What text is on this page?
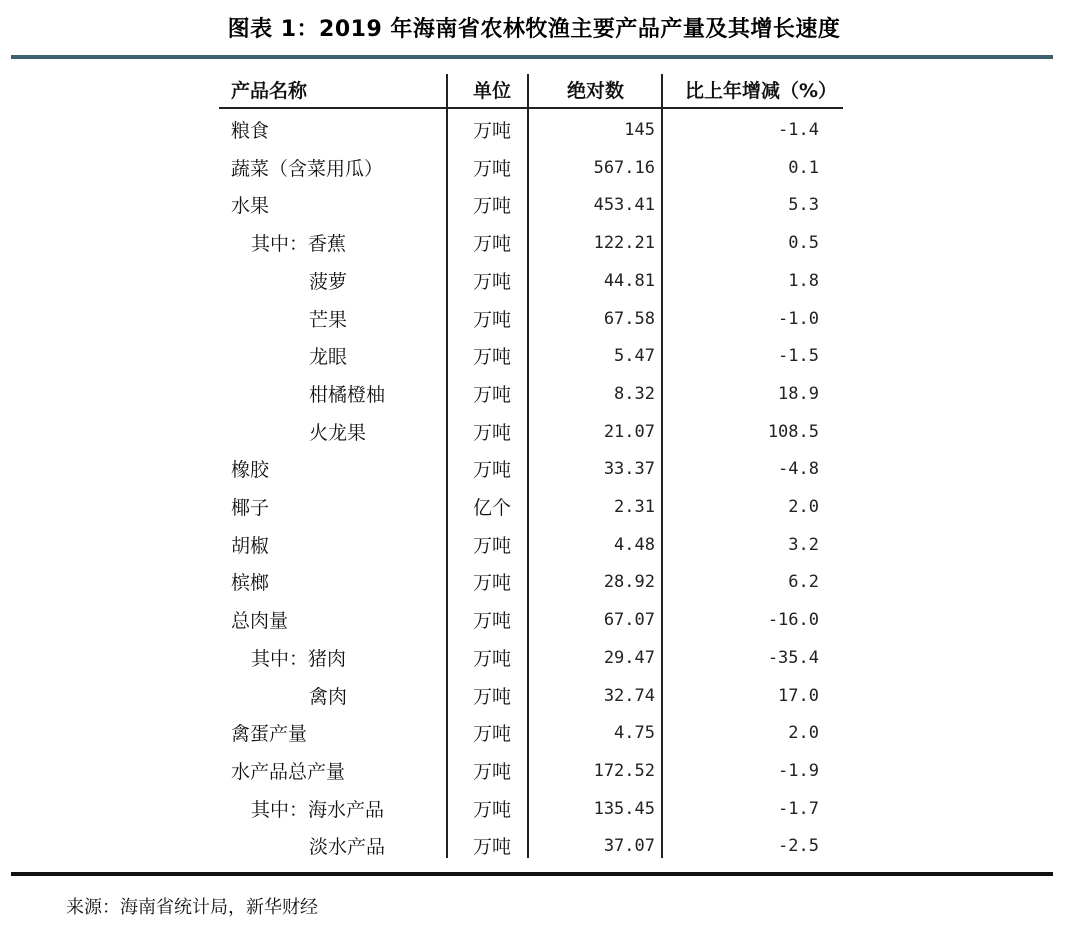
图表 1：2019 年海南省农林牧渔主要产品产量及其增长速度
产品名称	单位	绝对数	比上年增减（%）
粮食	万吨	145	-1.4
蔬菜（含菜用瓜）	万吨	567.16	0.1
水果	万吨	453.41	5.3
其中：香蕉	万吨	122.21	0.5
菠萝	万吨	44.81	1.8
芒果	万吨	67.58	-1.0
龙眼	万吨	5.47	-1.5
柑橘橙柚	万吨	8.32	18.9
火龙果	万吨	21.07	108.5
橡胶	万吨	33.37	-4.8
椰子	亿个	2.31	2.0
胡椒	万吨	4.48	3.2
槟榔	万吨	28.92	6.2
总肉量	万吨	67.07	-16.0
其中：猪肉	万吨	29.47	-35.4
禽肉	万吨	32.74	17.0
禽蛋产量	万吨	4.75	2.0
水产品总产量	万吨	172.52	-1.9
其中：海水产品	万吨	135.45	-1.7
淡水产品	万吨	37.07	-2.5
来源：海南省统计局，新华财经
